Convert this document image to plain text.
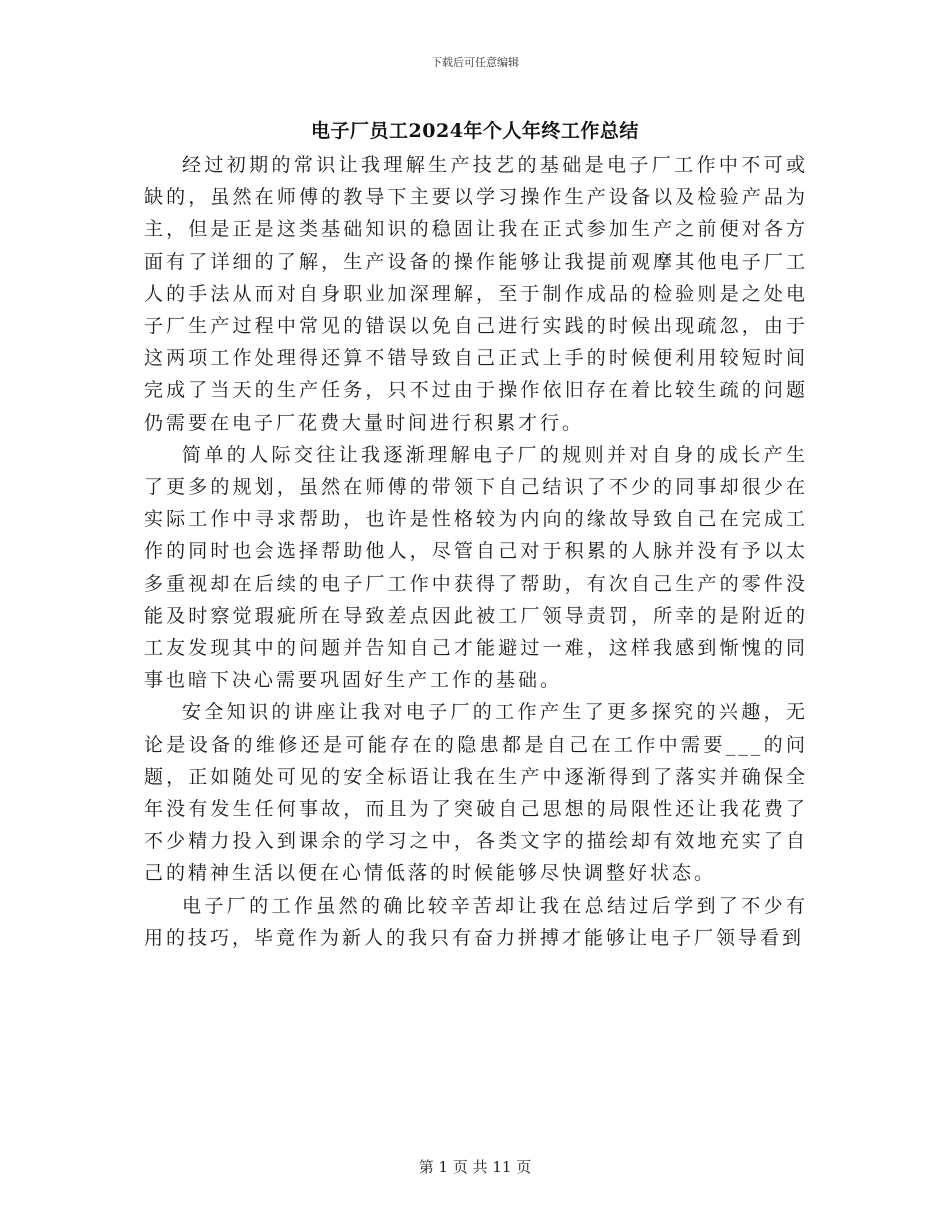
下载后可任意编辑
电子厂员工2024年个人年终工作总结

经过初期的常识让我理解生产技艺的基础是电子厂工作中不可或缺的，虽然在师傅的教导下主要以学习操作生产设备以及检验产品为主，但是正是这类基础知识的稳固让我在正式参加生产之前便对各方面有了详细的了解，生产设备的操作能够让我提前观摩其他电子厂工人的手法从而对自身职业加深理解，至于制作成品的检验则是之处电子厂生产过程中常见的错误以免自己进行实践的时候出现疏忽，由于这两项工作处理得还算不错导致自己正式上手的时候便利用较短时间完成了当天的生产任务，只不过由于操作依旧存在着比较生疏的问题仍需要在电子厂花费大量时间进行积累才行。

简单的人际交往让我逐渐理解电子厂的规则并对自身的成长产生了更多的规划，虽然在师傅的带领下自己结识了不少的同事却很少在实际工作中寻求帮助，也许是性格较为内向的缘故导致自己在完成工作的同时也会选择帮助他人，尽管自己对于积累的人脉并没有予以太多重视却在后续的电子厂工作中获得了帮助，有次自己生产的零件没能及时察觉瑕疵所在导致差点因此被工厂领导责罚，所幸的是附近的工友发现其中的问题并告知自己才能避过一难，这样我感到惭愧的同事也暗下决心需要巩固好生产工作的基础。

安全知识的讲座让我对电子厂的工作产生了更多探究的兴趣，无论是设备的维修还是可能存在的隐患都是自己在工作中需要___的问题，正如随处可见的安全标语让我在生产中逐渐得到了落实并确保全年没有发生任何事故，而且为了突破自己思想的局限性还让我花费了不少精力投入到课余的学习之中，各类文字的描绘却有效地充实了自己的精神生活以便在心情低落的时候能够尽快调整好状态。

电子厂的工作虽然的确比较辛苦却让我在总结过后学到了不少有用的技巧，毕竟作为新人的我只有奋力拼搏才能够让电子厂领导看到

第 1 页 共 11 页
